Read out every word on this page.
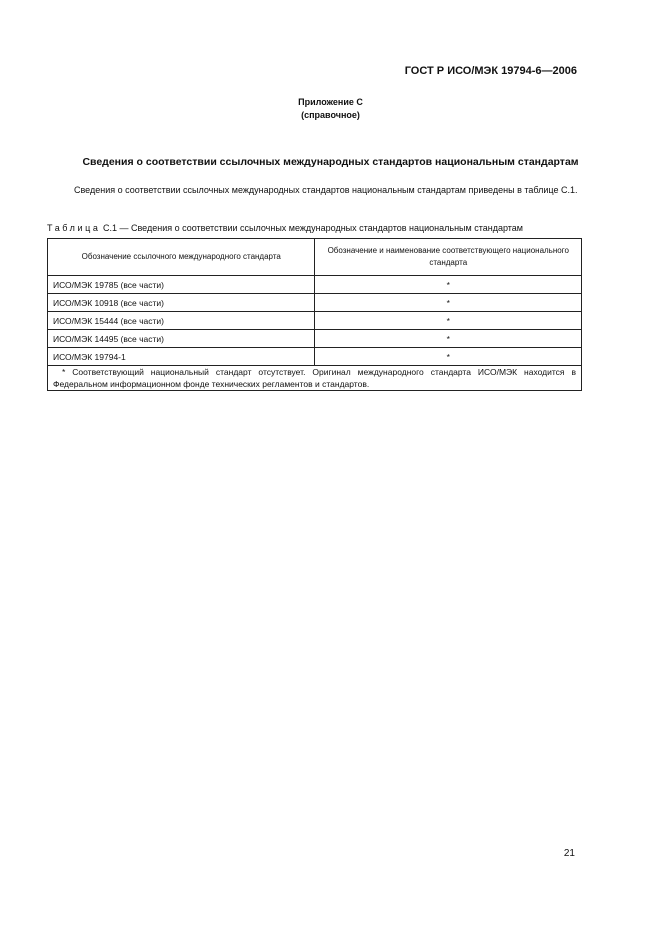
ГОСТ Р ИСО/МЭК 19794-6—2006
Приложение С
(справочное)
Сведения о соответствии ссылочных международных стандартов национальным стандартам
Сведения о соответствии ссылочных международных стандартов национальным стандартам приведены в таблице С.1.
Таблица С.1 — Сведения о соответствии ссылочных международных стандартов национальным стандартам
Обозначение ссылочного международного стандарта	Обозначение и наименование соответствующего национального стандарта
ИСО/МЭК 19785 (все части)	*
ИСО/МЭК 10918 (все части)	*
ИСО/МЭК 15444 (все части)	*
ИСО/МЭК 14495 (все части)	*
ИСО/МЭК 19794-1	*
* Соответствующий национальный стандарт отсутствует. Оригинал международного стандарта ИСО/МЭК находится в Федеральном информационном фонде технических регламентов и стандартов.	
21
